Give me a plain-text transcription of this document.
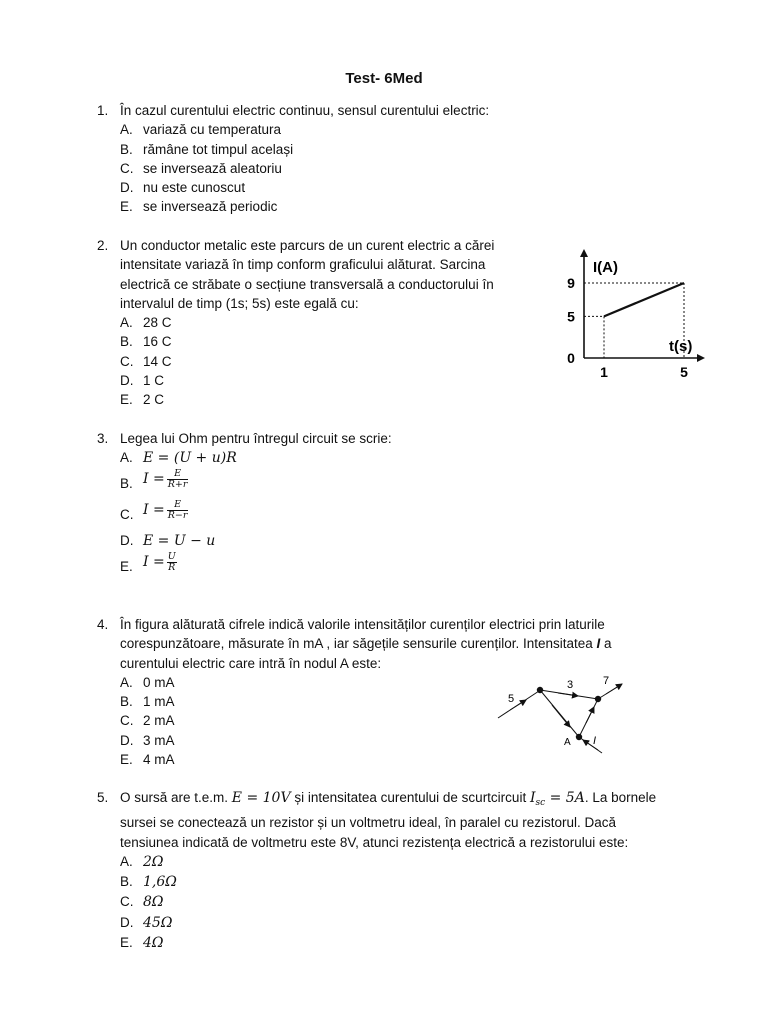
Test- 6Med
1. În cazul curentului electric continuu, sensul curentului electric:
A. variază cu temperatura
B. rămâne tot timpul același
C. se inversează aleatoriu
D. nu este cunoscut
E. se inversează periodic
2. Un conductor metalic este parcurs de un curent electric a cărei
intensitate variază în timp conform graficului alăturat. Sarcina
electrică ce străbate o secțiune transversală a conductorului în
intervalul de timp (1s; 5s) este egală cu:
A. 28 C
B. 16 C
C. 14 C
D. 1 C
E. 2 C
I(A)
t(s)
0
5
9
1	5
3. Legea lui Ohm pentru întregul circuit se scrie:
A. E = (U + u)R
B. $I = \frac{E}{R+r}$
C. $I = \frac{E}{R-r}$
D. E = U − u
E. $I = \frac{U}{R}$
4. În figura alăturată cifrele indică valorile intensităților curenților electrici prin laturile
corespunzătoare, măsurate în mA , iar săgețile sensurile curenților. Intensitatea I a
curentului electric care intră în nodul A este:
A. 0 mA
B. 1 mA
C. 2 mA
D. 3 mA
E. 4 mA
5
3	7
A I
5. O sursă are t.e.m. E = 10V și intensitatea curentului de scurtcircuit $I_{sc} = 5A$. La bornele
sursei se conectează un rezistor și un voltmetru ideal, în paralel cu rezistorul. Dacă
tensiunea indicată de voltmetru este 8V, atunci rezistența electrică a rezistorului este:
A. 2Ω
B. 1,6Ω
C. 8Ω
D. 45Ω
E. 4Ω
